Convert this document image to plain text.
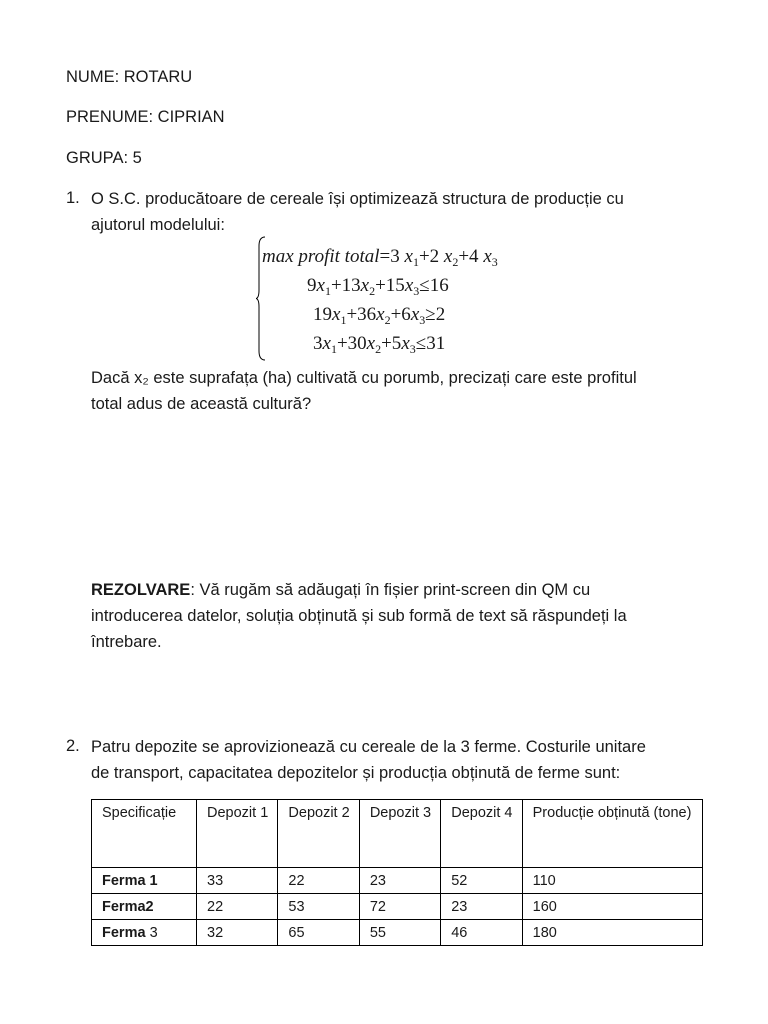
NUME: ROTARU
PRENUME: CIPRIAN
GRUPA: 5
1. O S.C. producătoare de cereale își optimizează structura de producție cu
ajutorul modelului:
max profit total=3 $x_1+2$ $x_2+4$ $x_3$
$9x_1+13x_2+15x_3\le 16$
$19x_1+36x_2+6x_3\ge 2$
$3x_1+30x_2+5x_3\le 31$
Dacă x₂ este suprafața (ha) cultivată cu porumb, precizați care este profitul
total adus de această cultură?
REZOLVARE: Vă rugăm să adăugați în fișier print-screen din QM cu
introducerea datelor, soluția obținută și sub formă de text să răspundeți la
întrebare.
2. Patru depozite se aprovizionează cu cereale de la 3 ferme. Costurile unitare
de transport, capacitatea depozitelor și producția obținută de ferme sunt:
Specificație	Depozit 1	Depozit 2	Depozit 3	Depozit 4	Producție obținută (tone)
Ferma 1	33	22	23	52	110
Ferma2	22	53	72	23	160
Ferma 3	32	65	55	46	180
